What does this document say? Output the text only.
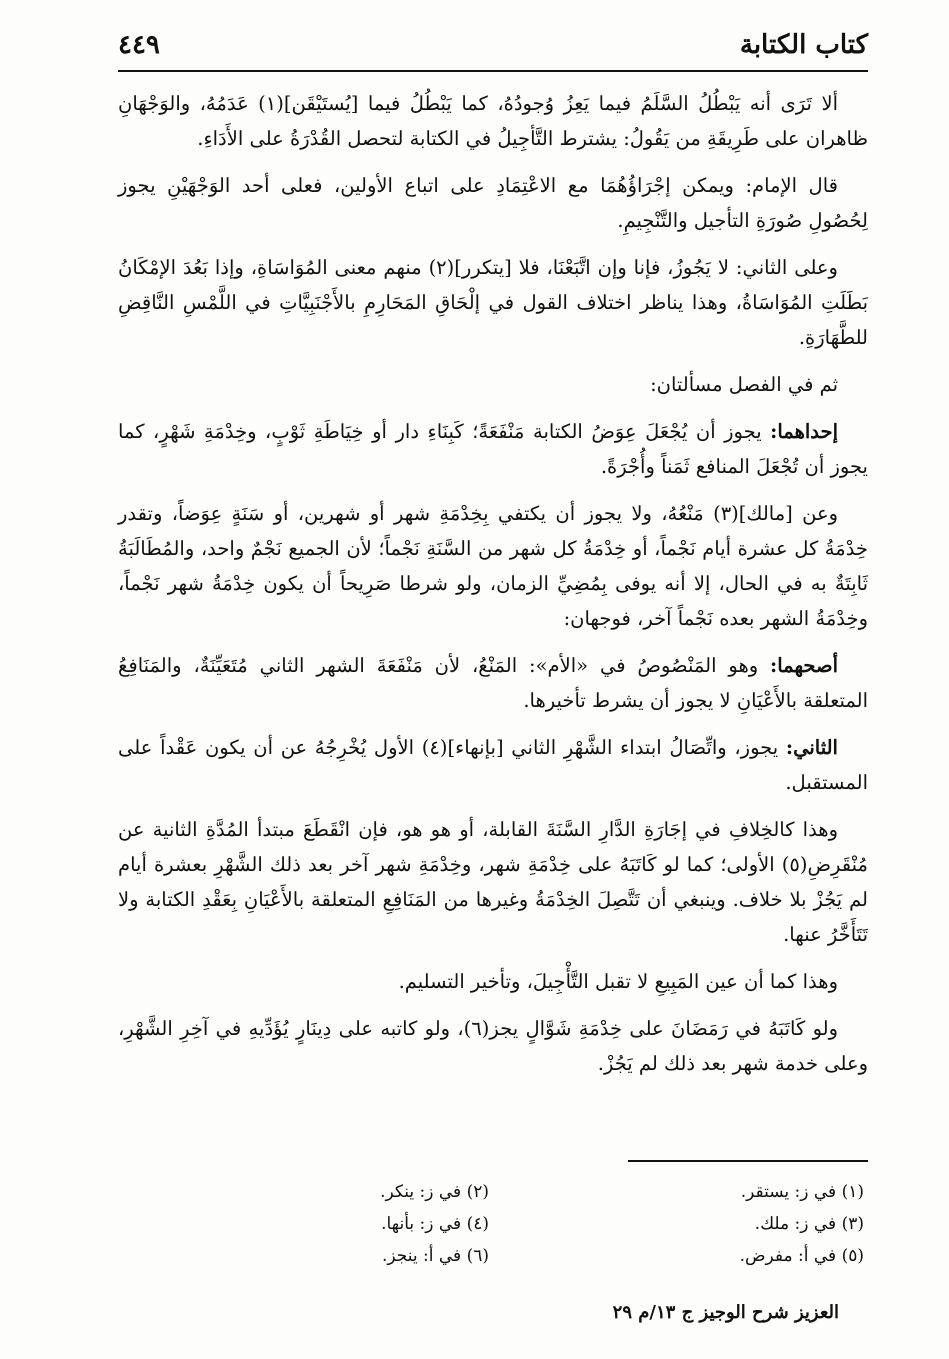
كتاب الكتابة
٤٤٩

ألا تَرَى أنه يَبْطُلُ السَّلَمُ فيما يَعِزُ وُجودُهُ، كما يَبْطُلُ فيما [يُستَيْقَن](١) عَدَمُهُ، والوَجْهَانِ ظاهران على طَرِيقَةِ من يَقُولُ: يشترط التَّأجِيلُ في الكتابة لتحصل القُدْرَةُ على الأَدَاءِ.

قال الإمام: ويمكن إجْرَاؤُهُمَا مع الاعْتِمَادِ على اتباع الأولين، فعلى أحد الوَجْهَيْنِ يجوز لِحُصُولِ صُورَةِ التأجيل والتَّنْجِيمِ.

وعلى الثاني: لا يَجُوزُ، فإنا وإن اتَّبَعْنَا، فلا [يتكرر](٢) منهم معنى المُوَاسَاةِ، وإذا بَعُدَ الإمْكَانُ بَطَلَتِ المُوَاسَاةُ، وهذا يناظر اختلاف القول في إلْحَاقِ المَحَارِمِ بالأَجْنَبِيَّاتِ في اللَّمْسِ النَّاقِضِ للطَّهَارَةِ.

ثم في الفصل مسألتان:

إحداهما: يجوز أن يُجْعَلَ عِوَضُ الكتابة مَنْفَعَةً؛ كَبِنَاءِ دار أو خِيَاطَةِ ثَوْبٍ، وخِدْمَةِ شَهْرٍ، كما يجوز أن تُجْعَلَ المنافع ثَمَناً وأُجْرَةً.

وعن [مالك](٣) مَنْعُهُ، ولا يجوز أن يكتفي بِخِدْمَةِ شهر أو شهرين، أو سَنَةٍ عِوَضاً، وتقدر خِدْمَةُ كل عشرة أيام نَجْماً، أو خِدْمَةُ كل شهر من السَّنَةِ نَجْماً؛ لأن الجميع نَجْمٌ واحد، والمُطَالَبَةُ ثَابِتَةٌ به في الحال، إلا أنه يوفى بِمُضِيِّ الزمان، ولو شرطا صَرِيحاً أن يكون خِدْمَةُ شهر نَجْماً، وخِدْمَةُ الشهر بعده نَجْماً آخر، فوجهان:

أصحهما: وهو المَنْصُوصُ في «الأم»: المَنْعُ، لأن مَنْفَعَةَ الشهر الثاني مُتَعَيِّنَةٌ، والمَنَافِعُ المتعلقة بالأَعْيَانِ لا يجوز أن يشرط تأخيرها.

الثاني: يجوز، واتِّصَالُ ابتداء الشَّهْرِ الثاني [بإنهاء](٤) الأول يُخْرِجُهُ عن أن يكون عَقْداً على المستقبل.

وهذا كالخِلافِ في إجَارَةِ الدَّارِ السَّنَةَ القابلة، أو هو هو، فإن انْقَطَعَ مبتدأ المُدَّةِ الثانية عن مُنْقَرِضِ(٥) الأولى؛ كما لو كَاتَبَهُ على خِدْمَةِ شهر، وخِدْمَةِ شهر آخر بعد ذلك الشَّهْرِ بعشرة أيام لم يَجُزْ بلا خلاف. وينبغي أن تَتَّصِلَ الخِدْمَةُ وغيرها من المَنَافِعِ المتعلقة بالأَعْيَانِ بِعَقْدِ الكتابة ولا تَتَأَخَّرُ عنها.

وهذا كما أن عين المَبِيعِ لا تقبل التَّأْجِيلَ، وتأخير التسليم.

ولو كَاتَبَهُ في رَمَضَانَ على خِدْمَةِ شَوَّالٍ يجز(٦)، ولو كاتبه على دِينَارٍ يُؤَدِّيهِ في آخِرِ الشَّهْرِ، وعلى خدمة شهر بعد ذلك لم يَجُزْ.

(١) في ز: يستقر.
(٢) في ز: ينكر.
(٣) في ز: ملك.
(٤) في ز: بأنها.
(٥) في أ: مفرض.
(٦) في أ: ينجز.
العزيز شرح الوجيز ج ١٣/م ٢٩
